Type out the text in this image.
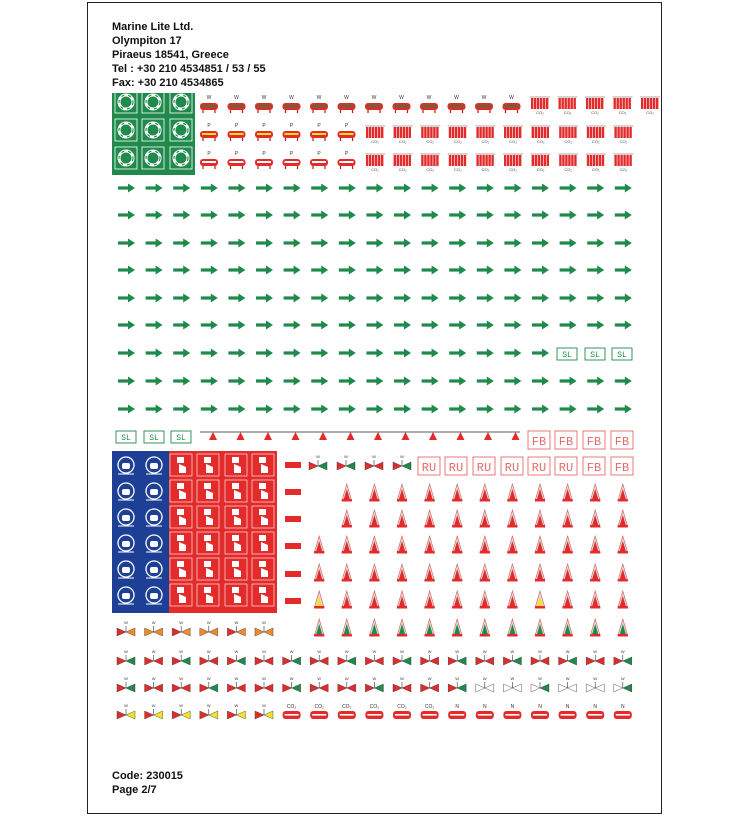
Marine Lite Ltd.
Olympiton 17
Piraeus 18541, Greece
Tel : +30 210 4534851 / 53 / 55
Fax: +30 210 4534865
W	W	W	W	W	W	W	W	W	W	W	W
P	P	P	P	P	P
P	P	P	P	P	P
CO₂	CO₂	CO₂	CO₂	CO₂
CO₂	CO₂	CO₂	CO₂	CO₂	CO₂	CO₂	CO₂	CO₂	CO₂
CO₂	CO₂	CO₂	CO₂	CO₂	CO₂	CO₂	CO₂	CO₂	CO₂
SL SL SL
SL SL SL
W	W	W	W
W	W	W	W	W	W
W	W	W	W	W	W	W	W	W	W	W	W	W	W	W	W	W	W	W
W	W	W	W	W	W	W	W	W	W	W	W	W	W	W	W	W	W	W
W	W	W	W	W	W
FB FB FB FB
RU RU RU RU RU RU FB FB
CO₂	CO₂	CO₂	CO₂	CO₂	CO₂	N	N	N	N	N	N	N
Code: 230015
Page 2/7
